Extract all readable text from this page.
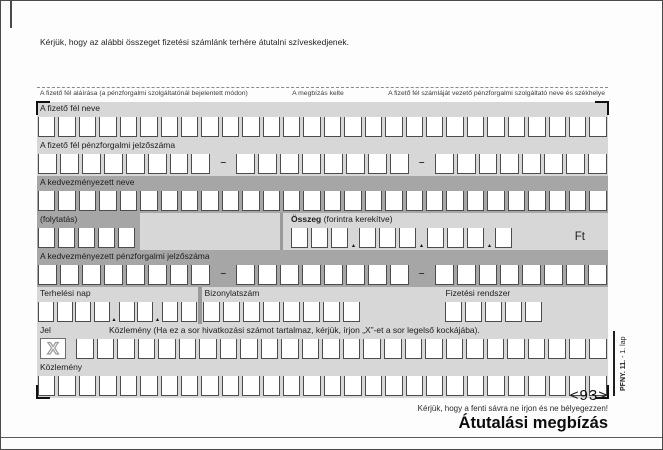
Kérjük, hogy az alábbi összeget fizetési számlánk terhére átutalni szíveskedjenek.
A fizető fél aláírása (a pénzforgalmi szolgáltatónál bejelentett módon)	A megbízás kelte	A fizető fél számláját vezető pénzforgalmi szolgáltató neve és székhelye
A fizető fél neve
A fizető fél pénzforgalmi jelzőszáma
–	–
A kedvezményezett neve
(folytatás)	Összeg (forintra kerekítve)
▴	▴	▴
Ft
A kedvezményezett pénzforgalmi jelzőszáma
–	–
Terhelési nap
▴	▴
Bizonylatszám	Fizetési rendszer
Jel
X
Közlemény (Ha ez a sor hivatkozási számot tartalmaz, kérjük, írjon „X”-et a sor legelső kockájába).
Közlemény	PFNY. 11. - 1. lap
<93>
Kérjük, hogy a fenti sávra ne írjon és ne bélyegezzen!
Átutalási megbízás
